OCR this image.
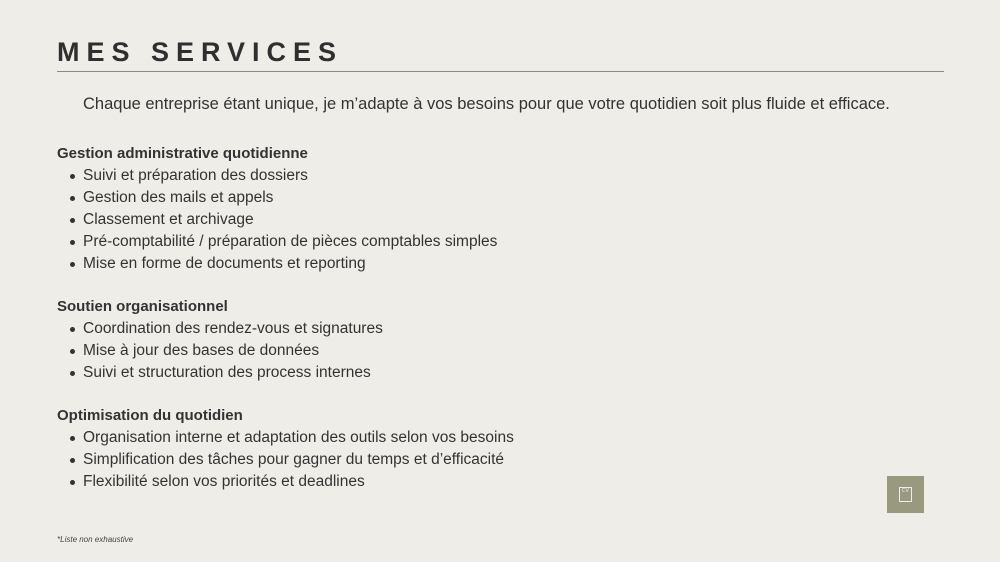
MES SERVICES
Chaque entreprise étant unique, je m’adapte à vos besoins pour que votre quotidien soit plus fluide et efficace.
Gestion administrative quotidienne
Suivi et préparation des dossiers
Gestion des mails et appels
Classement et archivage
Pré-comptabilité / préparation de pièces comptables simples
Mise en forme de documents et reporting
Soutien organisationnel
Coordination des rendez-vous et signatures
Mise à jour des bases de données
Suivi et structuration des process internes
Optimisation du quotidien
Organisation interne et adaptation des outils selon vos besoins
Simplification des tâches pour gagner du temps et d’efficacité
Flexibilité selon vos priorités et deadlines
*Liste non exhaustive
CV
